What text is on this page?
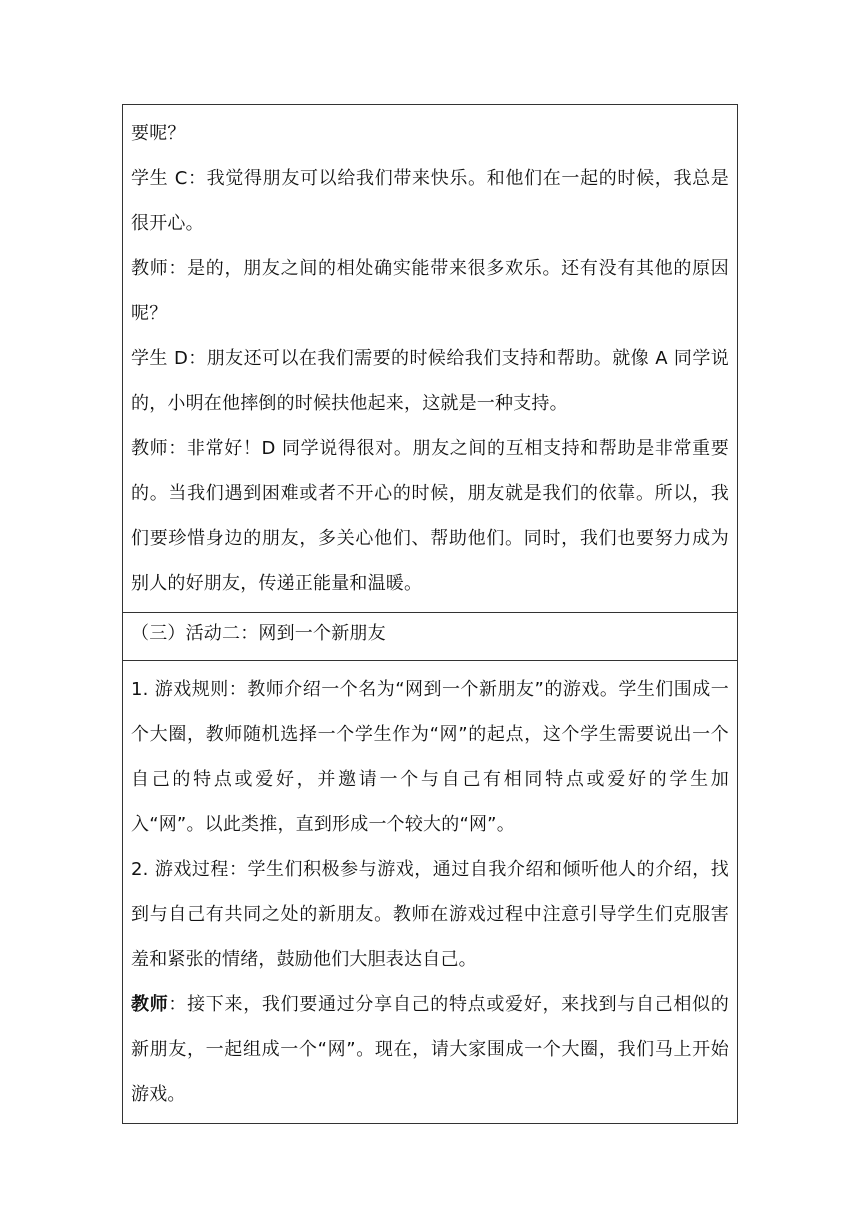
要呢？

学生 C：我觉得朋友可以给我们带来快乐。和他们在一起的时候，我总是很开心。

教师：是的，朋友之间的相处确实能带来很多欢乐。还有没有其他的原因呢？

学生 D：朋友还可以在我们需要的时候给我们支持和帮助。就像 A 同学说的，小明在他摔倒的时候扶他起来，这就是一种支持。

教师：非常好！D 同学说得很对。朋友之间的互相支持和帮助是非常重要的。当我们遇到困难或者不开心的时候，朋友就是我们的依靠。所以，我们要珍惜身边的朋友，多关心他们、帮助他们。同时，我们也要努力成为别人的好朋友，传递正能量和温暖。

（三）活动二：网到一个新朋友

1. 游戏规则：教师介绍一个名为“网到一个新朋友”的游戏。学生们围成一个大圈，教师随机选择一个学生作为“网”的起点，这个学生需要说出一个自己的特点或爱好，并邀请一个与自己有相同特点或爱好的学生加入“网”。以此类推，直到形成一个较大的“网”。

2. 游戏过程：学生们积极参与游戏，通过自我介绍和倾听他人的介绍，找到与自己有共同之处的新朋友。教师在游戏过程中注意引导学生们克服害羞和紧张的情绪，鼓励他们大胆表达自己。

教师：接下来，我们要通过分享自己的特点或爱好，来找到与自己相似的新朋友，一起组成一个“网”。现在，请大家围成一个大圈，我们马上开始游戏。
